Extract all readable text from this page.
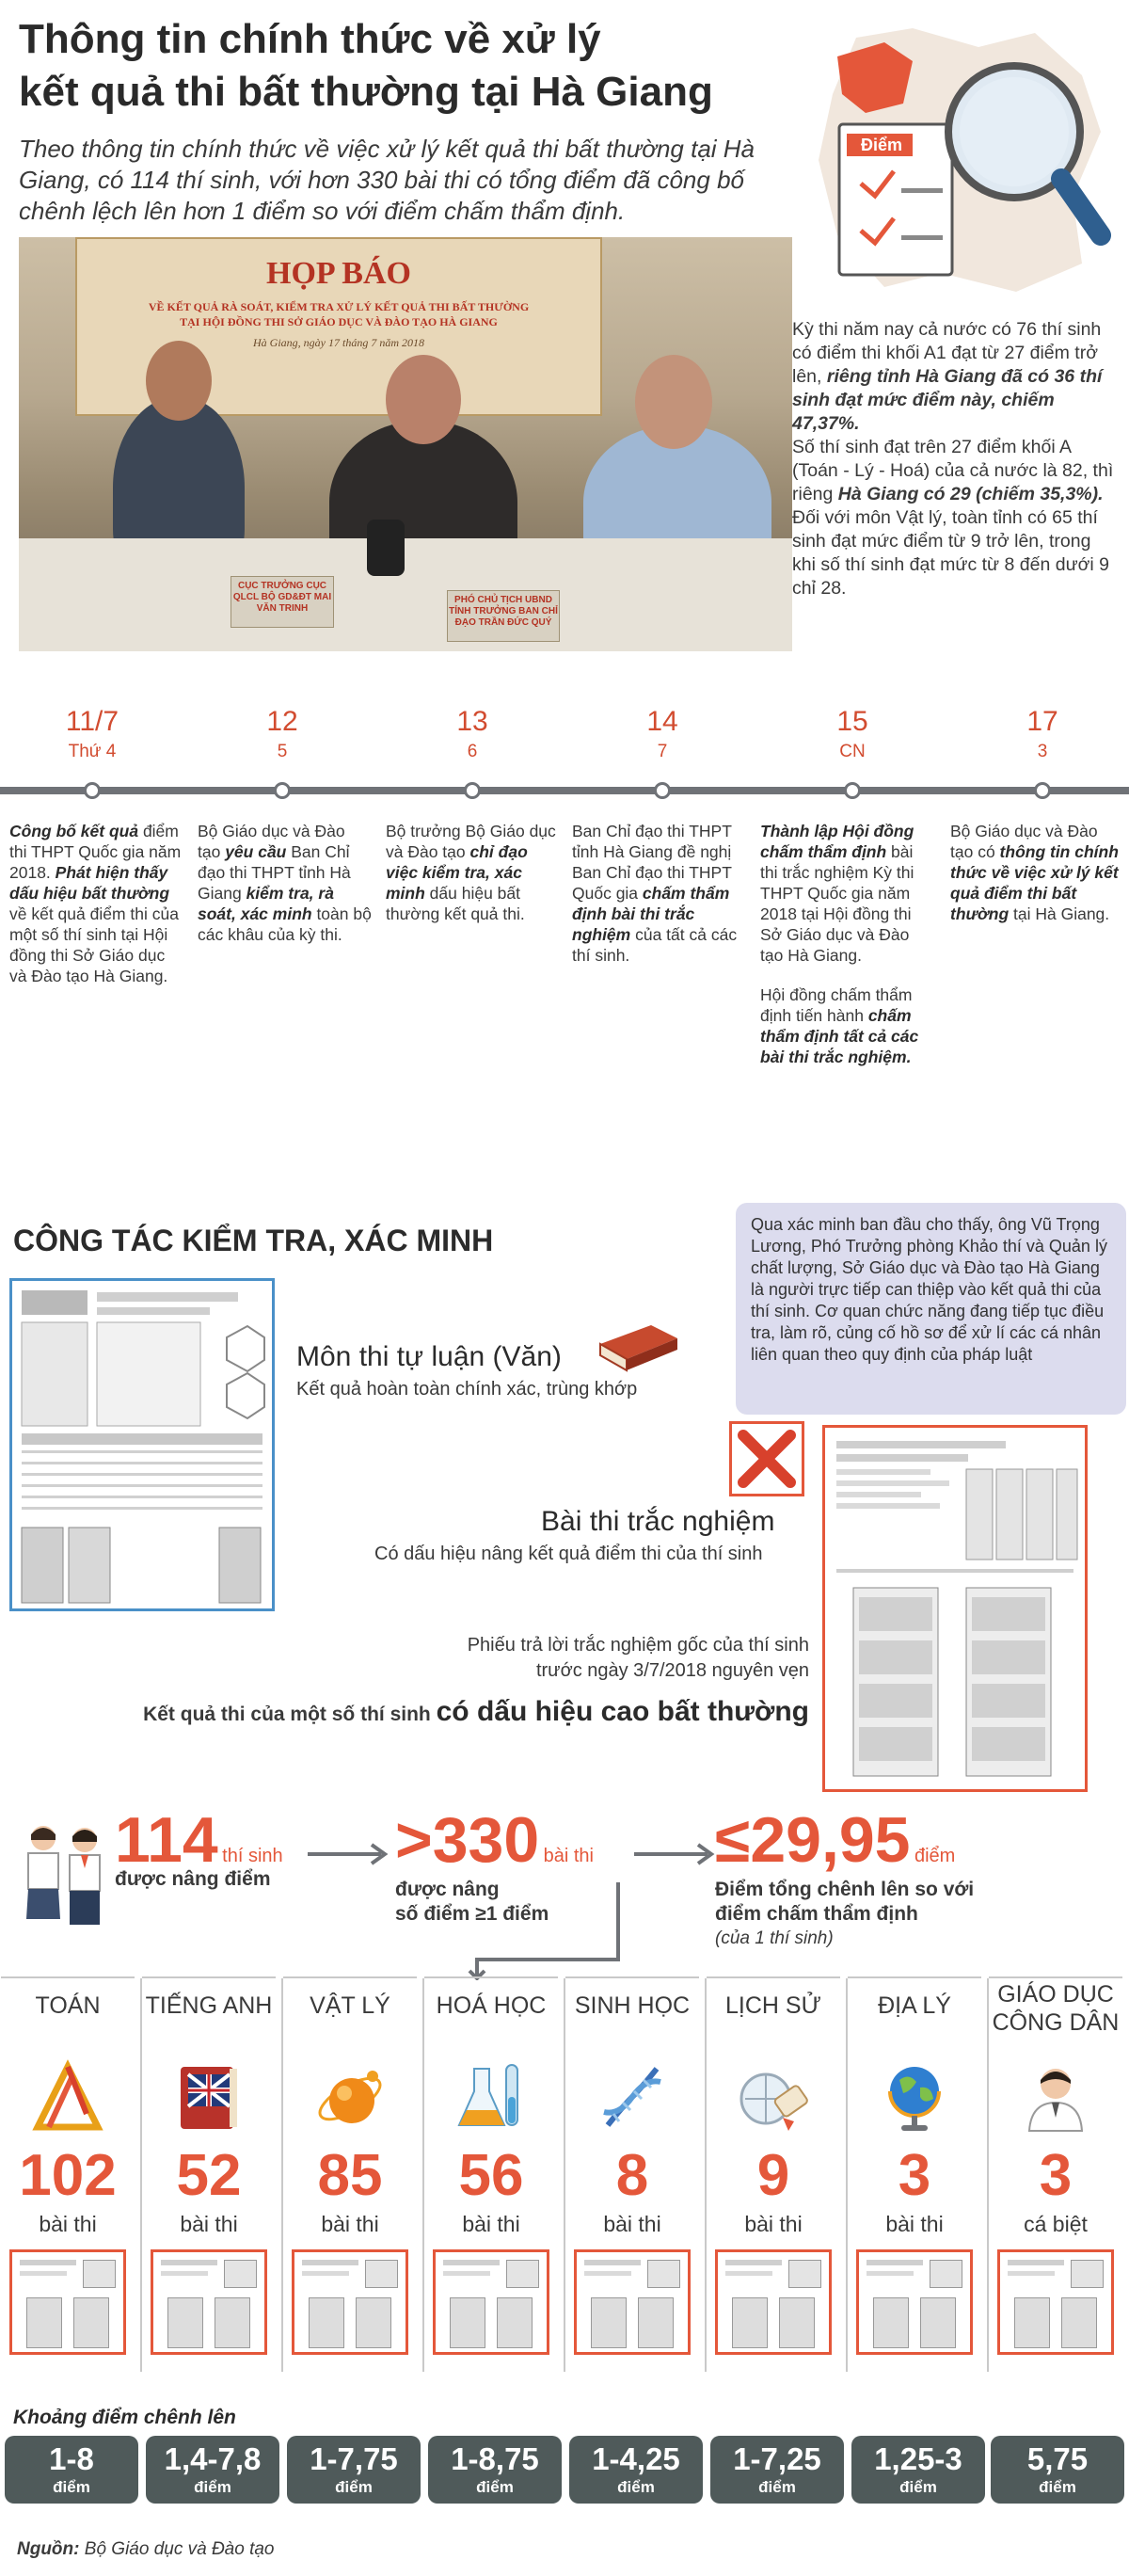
Thông tin chính thức về xử lý
kết quả thi bất thường tại Hà Giang
Theo thông tin chính thức về việc xử lý kết quả thi bất thường tại Hà Giang, có 114 thí sinh, với hơn 330 bài thi có tổng điểm đã công bố chênh lệch lên hơn 1 điểm so với điểm chấm thẩm định.
Điểm
HỌP BÁO
VỀ KẾT QUẢ RÀ SOÁT, KIỂM TRA XỬ LÝ KẾT QUẢ THI BẤT THƯỜNG
TẠI HỘI ĐỒNG THI SỞ GIÁO DỤC VÀ ĐÀO TẠO HÀ GIANG
Hà Giang, ngày 17 tháng 7 năm 2018
CỤC TRƯỞNG CỤC QLCL BỘ GD&ĐT MAI VĂN TRINH
PHÓ CHỦ TỊCH UBND TỈNH TRƯỞNG BAN CHỈ ĐẠO TRẦN ĐỨC QUÝ

Kỳ thi năm nay cả nước có 76 thí sinh có điểm thi khối A1 đạt từ 27 điểm trở lên, riêng tỉnh Hà Giang đã có 36 thí sinh đạt mức điểm này, chiếm 47,37%.

Số thí sinh đạt trên 27 điểm khối A (Toán - Lý - Hoá) của cả nước là 82, thì riêng Hà Giang có 29 (chiếm 35,3%).

Đối với môn Vật lý, toàn tỉnh có 65 thí sinh đạt mức điểm từ 9 trở lên, trong khi số thí sinh đạt mức từ 8 đến dưới 9 chỉ 28.

11/7
Thứ 4
12
5
13
6
14
7
15
CN
17
3
Công bố kết quả điểm thi THPT Quốc gia năm 2018. Phát hiện thấy dấu hiệu bất thường về kết quả điểm thi của một số thí sinh tại Hội đồng thi Sở Giáo dục và Đào tạo Hà Giang.
Bộ Giáo dục và Đào tạo yêu cầu Ban Chỉ đạo thi THPT tỉnh Hà Giang kiểm tra, rà soát, xác minh toàn bộ các khâu của kỳ thi.
Bộ trưởng Bộ Giáo dục và Đào tạo chỉ đạo việc kiểm tra, xác minh dấu hiệu bất thường kết quả thi.
Ban Chỉ đạo thi THPT tỉnh Hà Giang đề nghị Ban Chỉ đạo thi THPT Quốc gia chấm thẩm định bài thi trắc nghiệm của tất cả các thí sinh.
Thành lập Hội đồng chấm thẩm định bài thi trắc nghiệm Kỳ thi THPT Quốc gia năm 2018 tại Hội đồng thi Sở Giáo dục và Đào tạo Hà Giang.
Hội đồng chấm thẩm định tiến hành chấm thẩm định tất cả các bài thi trắc nghiệm.
Bộ Giáo dục và Đào tạo có thông tin chính thức về việc xử lý kết quả điểm thi bất thường tại Hà Giang.
CÔNG TÁC KIỂM TRA, XÁC MINH	Qua xác minh ban đầu cho thấy, ông Vũ Trọng Lương, Phó Trưởng phòng Khảo thí và Quản lý chất lượng, Sở Giáo dục và Đào tạo Hà Giang là người trực tiếp can thiệp vào kết quả thi của thí sinh. Cơ quan chức năng đang tiếp tục điều tra, làm rõ, củng cố hồ sơ để xử lí các cá nhân liên quan theo quy định của pháp luật
Môn thi tự luận (Văn)
Kết quả hoàn toàn chính xác, trùng khớp
Bài thi trắc nghiệm
Có dấu hiệu nâng kết quả điểm thi của thí sinh
Phiếu trả lời trắc nghiệm gốc của thí sinh
trước ngày 3/7/2018 nguyên vẹn
Kết quả thi của một số thí sinh có dấu hiệu cao bất thường
114 thí sinh
được nâng điểm
>330 bài thi
được nâng
số điểm ≥1 điểm
≤29,95 điểm
Điểm tổng chênh lên so với
điểm chấm thẩm định
(của 1 thí sinh)
TOÁN
102
bài thi
TIẾNG ANH
52
bài thi
VẬT LÝ
85
bài thi
HOÁ HỌC
56
bài thi
SINH HỌC
8
bài thi
LỊCH SỬ
9
bài thi
ĐỊA LÝ
3
bài thi
GIÁO DỤC
CÔNG DÂN
3
cá biệt
Khoảng điểm chênh lên
1-8
điểm
1,4-7,8
điểm
1-7,75
điểm
1-8,75
điểm
1-4,25
điểm
1-7,25
điểm
1,25-3
điểm
5,75
điểm
Nguồn: Bộ Giáo dục và Đào tạo
